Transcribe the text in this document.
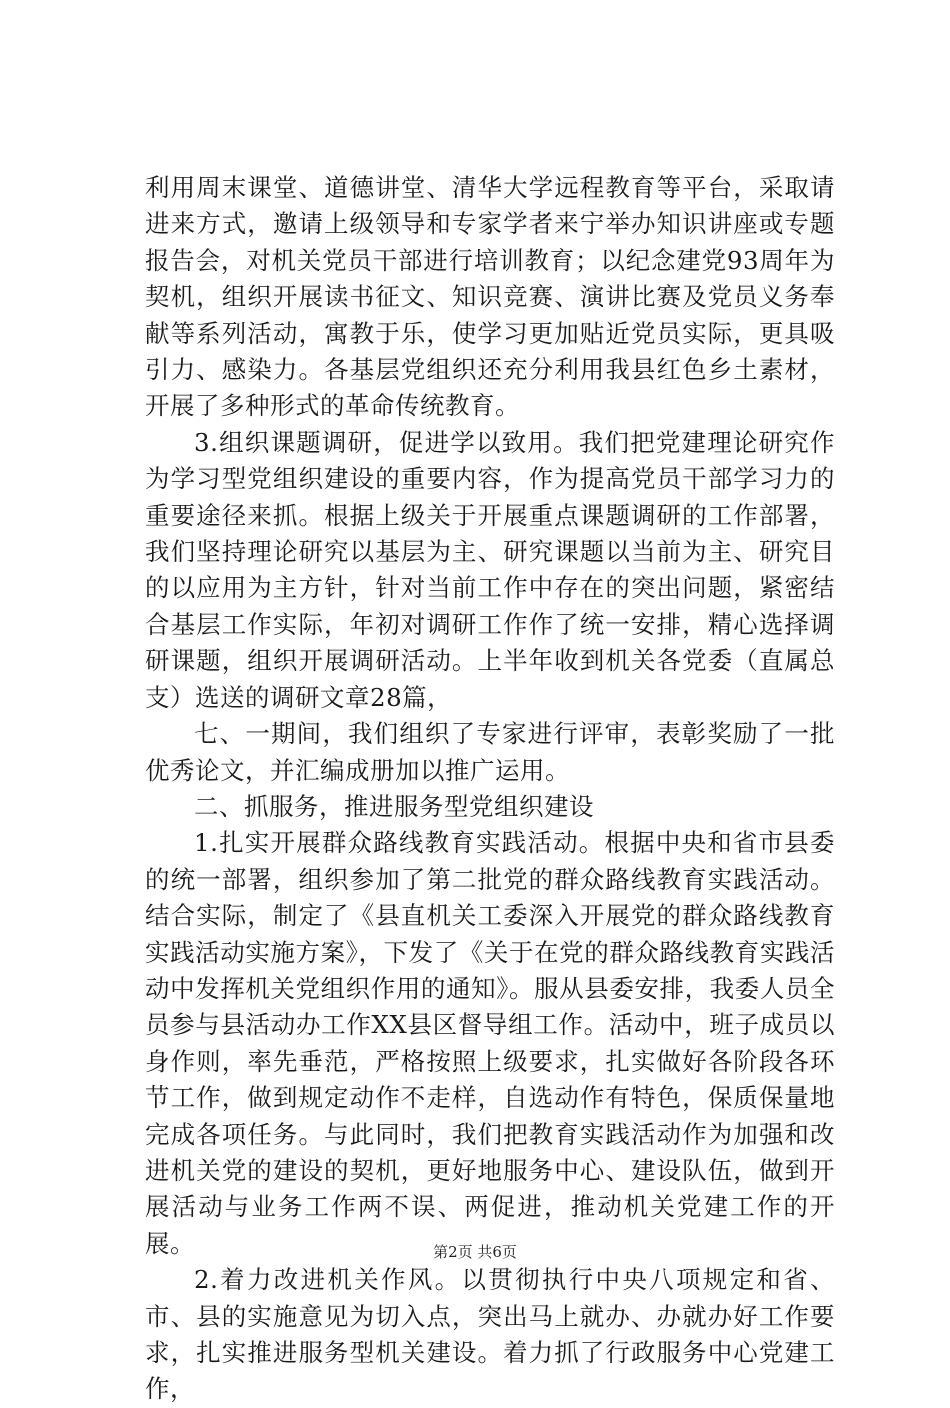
利用周末课堂、道德讲堂、清华大学远程教育等平台，采取请进来方式，邀请上级领导和专家学者来宁举办知识讲座或专题报告会，对机关党员干部进行培训教育；以纪念建党93周年为契机，组织开展读书征文、知识竞赛、演讲比赛及党员义务奉献等系列活动，寓教于乐，使学习更加贴近党员实际，更具吸引力、感染力。各基层党组织还充分利用我县红色乡土素材，开展了多种形式的革命传统教育。

3.组织课题调研，促进学以致用。我们把党建理论研究作为学习型党组织建设的重要内容，作为提高党员干部学习力的重要途径来抓。根据上级关于开展重点课题调研的工作部署，我们坚持理论研究以基层为主、研究课题以当前为主、研究目的以应用为主方针，针对当前工作中存在的突出问题，紧密结合基层工作实际，年初对调研工作作了统一安排，精心选择调研课题，组织开展调研活动。上半年收到机关各党委（直属总支）选送的调研文章28篇，

七、一期间，我们组织了专家进行评审，表彰奖励了一批优秀论文，并汇编成册加以推广运用。

二、抓服务，推进服务型党组织建设

1.扎实开展群众路线教育实践活动。根据中央和省市县委的统一部署，组织参加了第二批党的群众路线教育实践活动。结合实际，制定了《县直机关工委深入开展党的群众路线教育实践活动实施方案》，下发了《关于在党的群众路线教育实践活动中发挥机关党组织作用的通知》。服从县委安排，我委人员全员参与县活动办工作XX县区督导组工作。活动中，班子成员以身作则，率先垂范，严格按照上级要求，扎实做好各阶段各环节工作，做到规定动作不走样，自选动作有特色，保质保量地完成各项任务。与此同时，我们把教育实践活动作为加强和改进机关党的建设的契机，更好地服务中心、建设队伍，做到开展活动与业务工作两不误、两促进，推动机关党建工作的开展。

2.着力改进机关作风。以贯彻执行中央八项规定和省、市、县的实施意见为切入点，突出马上就办、办就办好工作要求，扎实推进服务型机关建设。着力抓了行政服务中心党建工作，

第2页 共6页
